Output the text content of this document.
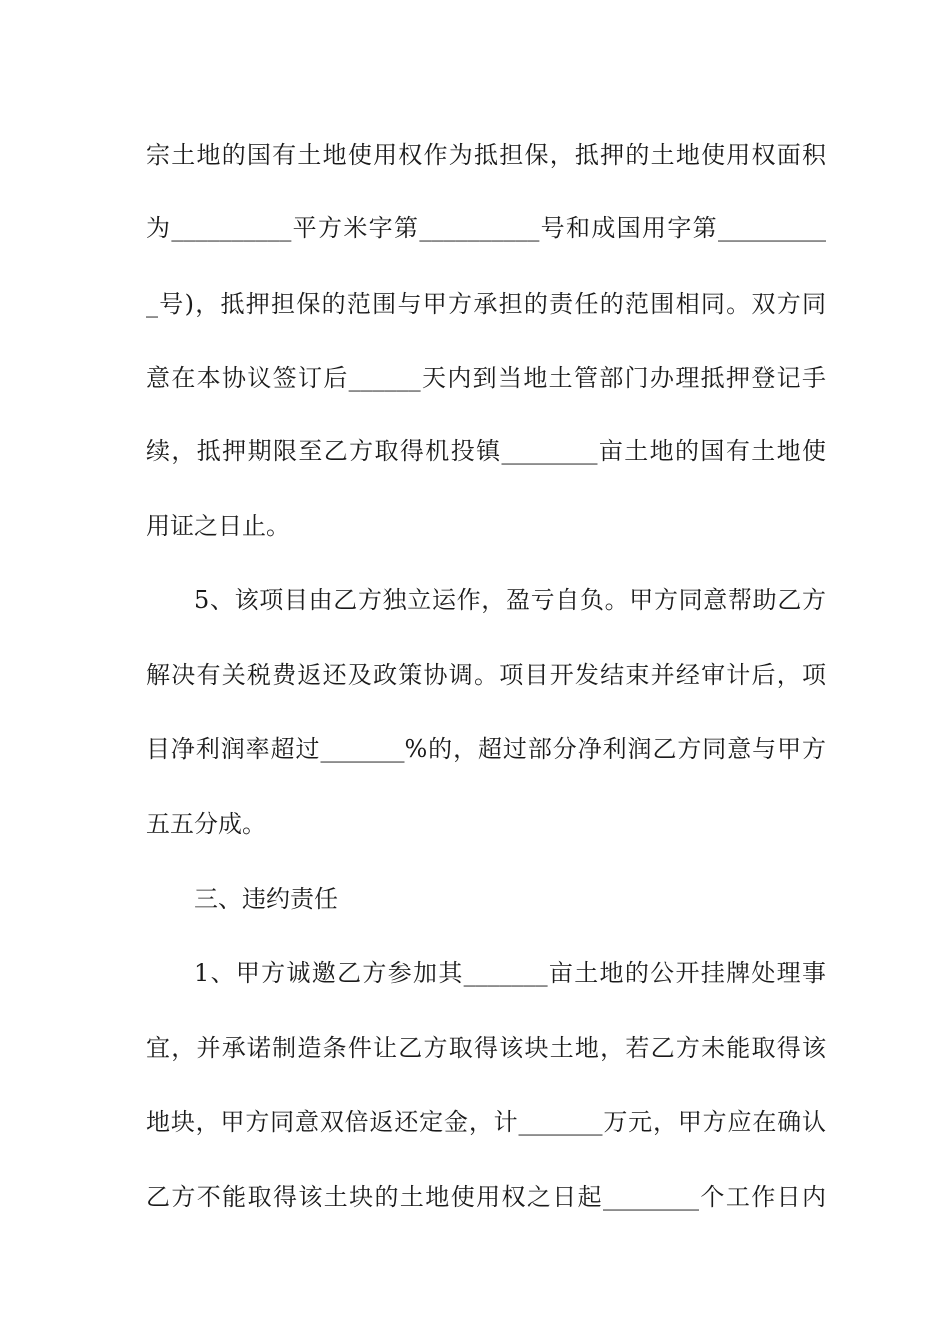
宗土地的国有土地使用权作为抵担保，抵押的土地使用权面积
为__________平方米字第__________号和成国用字第_________
_号)，抵押担保的范围与甲方承担的责任的范围相同。双方同
意在本协议签订后______天内到当地土管部门办理抵押登记手
续，抵押期限至乙方取得机投镇________亩土地的国有土地使
用证之日止。
5、该项目由乙方独立运作，盈亏自负。甲方同意帮助乙方
解决有关税费返还及政策协调。项目开发结束并经审计后，项
目净利润率超过_______%的，超过部分净利润乙方同意与甲方
五五分成。
三、违约责任
1、甲方诚邀乙方参加其_______亩土地的公开挂牌处理事
宜，并承诺制造条件让乙方取得该块土地，若乙方未能取得该
地块，甲方同意双倍返还定金，计_______万元，甲方应在确认
乙方不能取得该土块的土地使用权之日起________个工作日内
